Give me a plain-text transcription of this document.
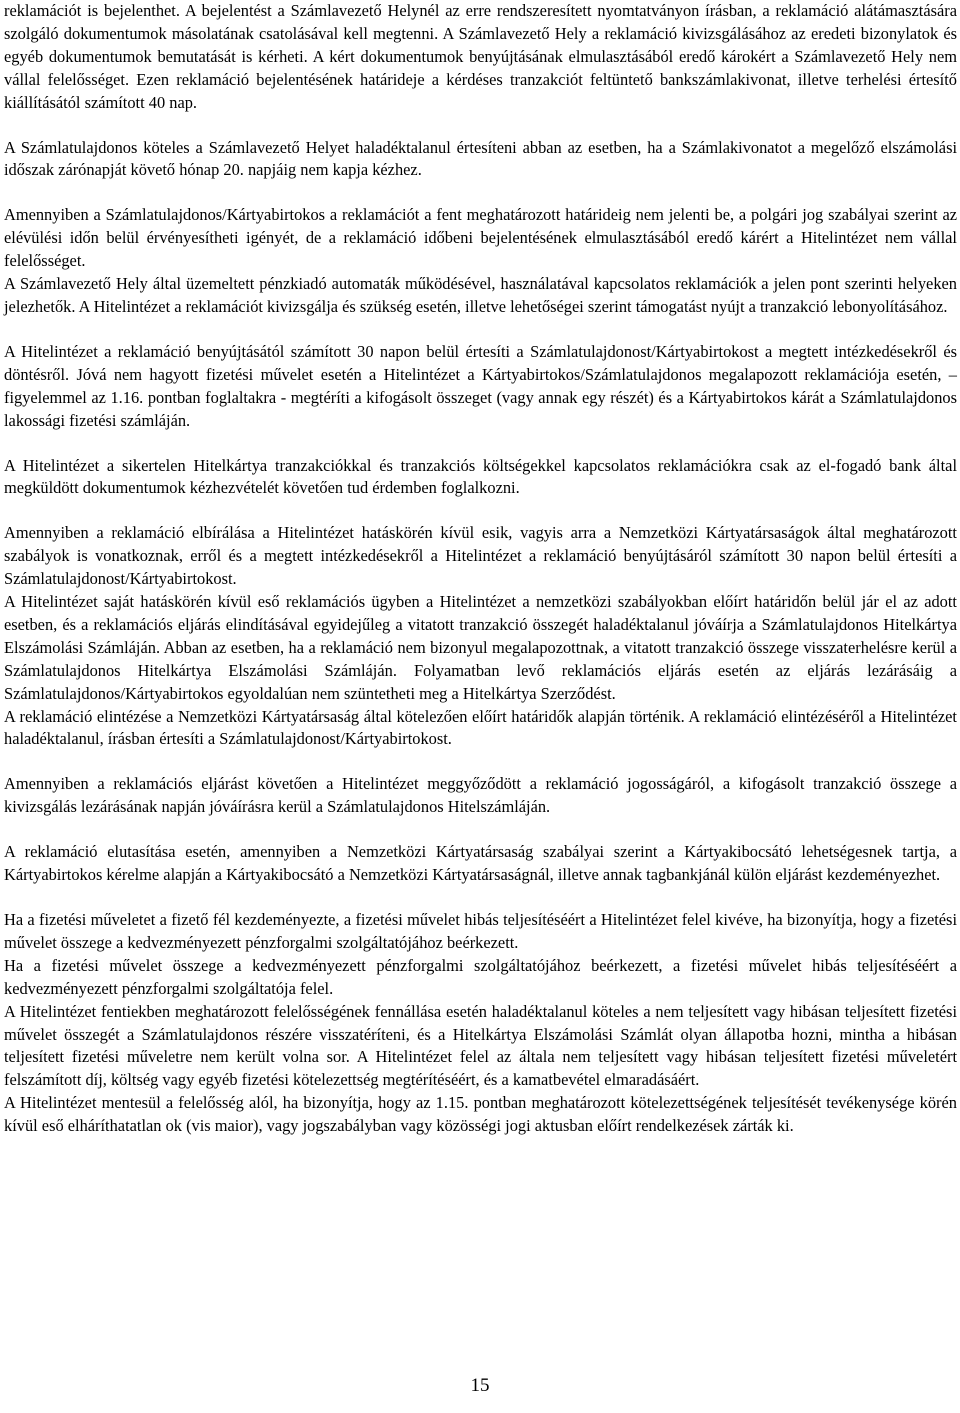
reklamációt is bejelenthet. A bejelentést a Számlavezető Helynél az erre rendszeresített nyomtatványon írásban, a reklamáció alátámasztására szolgáló dokumentumok másolatának csatolásával kell megtenni. A Számlavezető Hely a reklamáció kivizsgálásához az eredeti bizonylatok és egyéb dokumentumok bemutatását is kérheti. A kért dokumentumok benyújtásának elmulasztásából eredő károkért a Számlavezető Hely nem vállal felelősséget. Ezen reklamáció bejelentésének határideje a kérdéses tranzakciót feltüntető bankszámlakivonat, illetve terhelési értesítő kiállításától számított 40 nap.

A Számlatulajdonos köteles a Számlavezető Helyet haladéktalanul értesíteni abban az esetben, ha a Számlakivonatot a megelőző elszámolási időszak zárónapját követő hónap 20. napjáig nem kapja kézhez.

Amennyiben a Számlatulajdonos/Kártyabirtokos a reklamációt a fent meghatározott határideig nem jelenti be, a polgári jog szabályai szerint az elévülési időn belül érvényesítheti igényét, de a reklamáció időbeni bejelentésének elmulasztásából eredő kárért a Hitelintézet nem vállal felelősséget.

A Számlavezető Hely által üzemeltett pénzkiadó automaták működésével, használatával kapcsolatos reklamációk a jelen pont szerinti helyeken jelezhetők. A Hitelintézet a reklamációt kivizsgálja és szükség esetén, illetve lehetőségei szerint támogatást nyújt a tranzakció lebonyolításához.

A Hitelintézet a reklamáció benyújtásától számított 30 napon belül értesíti a Számlatulajdonost/Kártyabirtokost a megtett intézkedésekről és döntésről. Jóvá nem hagyott fizetési művelet esetén a Hitelintézet a Kártyabirtokos/Számlatulajdonos megalapozott reklamációja esetén, – figyelemmel az 1.16. pontban foglaltakra - megtéríti a kifogásolt összeget (vagy annak egy részét) és a Kártyabirtokos kárát a Számlatulajdonos lakossági fizetési számláján.

A Hitelintézet a sikertelen Hitelkártya tranzakciókkal és tranzakciós költségekkel kapcsolatos reklamációkra csak az el-fogadó bank által megküldött dokumentumok kézhezvételét követően tud érdemben foglalkozni.

Amennyiben a reklamáció elbírálása a Hitelintézet hatáskörén kívül esik, vagyis arra a Nemzetközi Kártyatársaságok által meghatározott szabályok is vonatkoznak, erről és a megtett intézkedésekről a Hitelintézet a reklamáció benyújtásáról számított 30 napon belül értesíti a Számlatulajdonost/Kártyabirtokost.

A Hitelintézet saját hatáskörén kívül eső reklamációs ügyben a Hitelintézet a nemzetközi szabályokban előírt határidőn belül jár el az adott esetben, és a reklamációs eljárás elindításával egyidejűleg a vitatott tranzakció összegét haladéktalanul jóváírja a Számlatulajdonos Hitelkártya Elszámolási Számláján. Abban az esetben, ha a reklamáció nem bizonyul megalapozottnak, a vitatott tranzakció összege visszaterhelésre kerül a Számlatulajdonos Hitelkártya Elszámolási Számláján. Folyamatban levő reklamációs eljárás esetén az eljárás lezárásáig a Számlatulajdonos/Kártyabirtokos egyoldalúan nem szüntetheti meg a Hitelkártya Szerződést.

A reklamáció elintézése a Nemzetközi Kártyatársaság által kötelezően előírt határidők alapján történik. A reklamáció elintézéséről a Hitelintézet haladéktalanul, írásban értesíti a Számlatulajdonost/Kártyabirtokost.

Amennyiben a reklamációs eljárást követően a Hitelintézet meggyőződött a reklamáció jogosságáról, a kifogásolt tranzakció összege a kivizsgálás lezárásának napján jóváírásra kerül a Számlatulajdonos Hitelszámláján.

A reklamáció elutasítása esetén, amennyiben a Nemzetközi Kártyatársaság szabályai szerint a Kártyakibocsátó lehetségesnek tartja, a Kártyabirtokos kérelme alapján a Kártyakibocsátó a Nemzetközi Kártyatársaságnál, illetve annak tagbankjánál külön eljárást kezdeményezhet.

Ha a fizetési műveletet a fizető fél kezdeményezte, a fizetési művelet hibás teljesítéséért a Hitelintézet felel kivéve, ha bizonyítja, hogy a fizetési művelet összege a kedvezményezett pénzforgalmi szolgáltatójához beérkezett.

Ha a fizetési művelet összege a kedvezményezett pénzforgalmi szolgáltatójához beérkezett, a fizetési művelet hibás teljesítéséért a kedvezményezett pénzforgalmi szolgáltatója felel.

A Hitelintézet fentiekben meghatározott felelősségének fennállása esetén haladéktalanul köteles a nem teljesített vagy hibásan teljesített fizetési művelet összegét a Számlatulajdonos részére visszatéríteni, és a Hitelkártya Elszámolási Számlát olyan állapotba hozni, mintha a hibásan teljesített fizetési műveletre nem került volna sor. A Hitelintézet felel az általa nem teljesített vagy hibásan teljesített fizetési műveletért felszámított díj, költség vagy egyéb fizetési kötelezettség megtérítéséért, és a kamatbevétel elmaradásáért.

A Hitelintézet mentesül a felelősség alól, ha bizonyítja, hogy az 1.15. pontban meghatározott kötelezettségének teljesítését tevékenysége körén kívül eső elháríthatatlan ok (vis maior), vagy jogszabályban vagy közösségi jogi aktusban előírt rendelkezések zárták ki.

15
